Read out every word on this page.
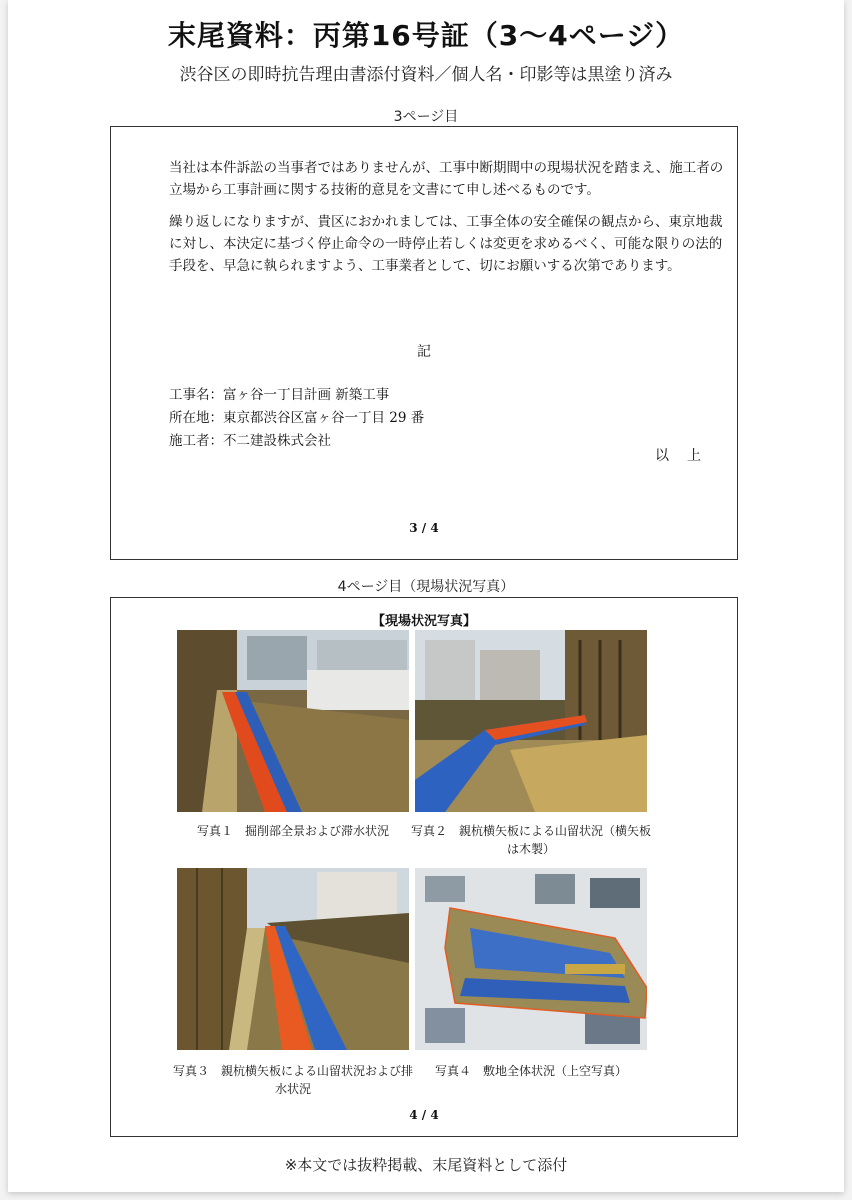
末尾資料：丙第16号証（3〜4ページ）
渋谷区の即時抗告理由書添付資料／個人名・印影等は黒塗り済み
3ページ目
当社は本件訴訟の当事者ではありませんが、工事中断期間中の現場状況を踏まえ、施工者の立場から工事計画に関する技術的意見を文書にて申し述べるものです。
繰り返しになりますが、貴区におかれましては、工事全体の安全確保の観点から、東京地裁に対し、本決定に基づく停止命令の一時停止若しくは変更を求めるべく、可能な限りの法的手段を、早急に執られますよう、工事業者として、切にお願いする次第であります。
記
工事名：富ヶ谷一丁目計画 新築工事
所在地：東京都渋谷区富ヶ谷一丁目 29 番
施工者：不二建設株式会社
以上
3 / 4
4ページ目（現場状況写真）
【現場状況写真】
写真１　掘削部全景および滞水状況	写真２　親杭横矢板による山留状況（横矢板は木製）
写真３　親杭横矢板による山留状況および排水状況
写真４　敷地全体状況（上空写真）
4 / 4
※本文では抜粋掲載、末尾資料として添付
